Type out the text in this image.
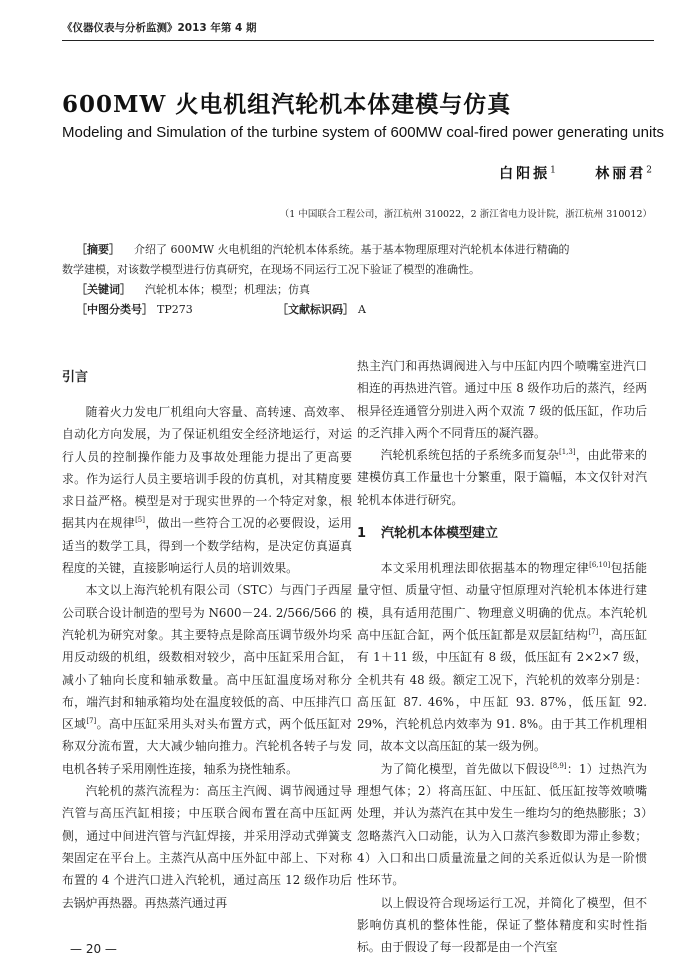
《仪器仪表与分析监测》2013 年第 4 期
600MW 火电机组汽轮机本体建模与仿真
Modeling and Simulation of the turbine system of 600MW coal-fired power generating units
白阳振$^1$	林丽君$^2$
（1 中国联合工程公司，浙江杭州 310022，2 浙江省电力设计院，浙江杭州 310012）
［摘要］ 介绍了 600MW 火电机组的汽轮机本体系统。基于基本物理原理对汽轮机本体进行精确的
数学建模，对该数学模型进行仿真研究，在现场不同运行工况下验证了模型的准确性。
［关键词］ 汽轮机本体；模型；机理法；仿真
［中图分类号］ TP273	［文献标识码］ A

引言

随着火力发电厂机组向大容量、高转速、高效率、自动化方向发展，为了保证机组安全经济地运行，对运行人员的控制操作能力及事故处理能力提出了更高要求。作为运行人员主要培训手段的仿真机，对其精度要求日益严格。模型是对于现实世界的一个特定对象，根据其内在规律[5]，做出一些符合工况的必要假设，运用适当的数学工具，得到一个数学结构，是决定仿真逼真程度的关键，直接影响运行人员的培训效果。

本文以上海汽轮机有限公司（STC）与西门子西屋公司联合设计制造的型号为 N600－24. 2/566/566 的汽轮机为研究对象。其主要特点是除高压调节级外均采用反动级的机组，级数相对较少，高中压缸采用合缸，减小了轴向长度和轴承数量。高中压缸温度场对称分布，端汽封和轴承箱均处在温度较低的高、中压排汽口区域[7]。高中压缸采用头对头布置方式，两个低压缸对称双分流布置，大大减少轴向推力。汽轮机各转子与发电机各转子采用刚性连接，轴系为挠性轴系。

汽轮机的蒸汽流程为：高压主汽阀、调节阀通过导汽管与高压汽缸相接；中压联合阀布置在高中压缸两侧，通过中间进汽管与汽缸焊接，并采用浮动式弹簧支架固定在平台上。主蒸汽从高中压外缸中部上、下对称布置的 4 个进汽口进入汽轮机，通过高压 12 级作功后去锅炉再热器。再热蒸汽通过再

热主汽门和再热调阀进入与中压缸内四个喷嘴室进汽口相连的再热进汽管。通过中压 8 级作功后的蒸汽，经两根异径连通管分别进入两个双流 7 级的低压缸，作功后的乏汽排入两个不同背压的凝汽器。

汽轮机系统包括的子系统多而复杂[1,3]，由此带来的建模仿真工作量也十分繁重，限于篇幅，本文仅针对汽轮机本体进行研究。

1 汽轮机本体模型建立

本文采用机理法即依据基本的物理定律[6,10]包括能量守恒、质量守恒、动量守恒原理对汽轮机本体进行建模，具有适用范围广、物理意义明确的优点。本汽轮机高中压缸合缸，两个低压缸都是双层缸结构[7]，高压缸有 1＋11 级，中压缸有 8 级，低压缸有 2×2×7 级，全机共有 48 级。额定工况下，汽轮机的效率分别是：高压缸 87. 46%，中压缸 93. 87%，低压缸 92. 29%，汽轮机总内效率为 91. 8%。由于其工作机理相同，故本文以高压缸的某一级为例。

为了简化模型，首先做以下假设[8,9]：1）过热汽为理想气体；2）将高压缸、中压缸、低压缸按等效喷嘴处理，并认为蒸汽在其中发生一维均匀的绝热膨胀；3）忽略蒸汽入口动能，认为入口蒸汽参数即为滞止参数；4）入口和出口质量流量之间的关系近似认为是一阶惯性环节。

以上假设符合现场运行工况，并简化了模型，但不影响仿真机的整体性能，保证了整体精度和实时性指标。由于假设了每一段都是由一个汽室

— 20 —
